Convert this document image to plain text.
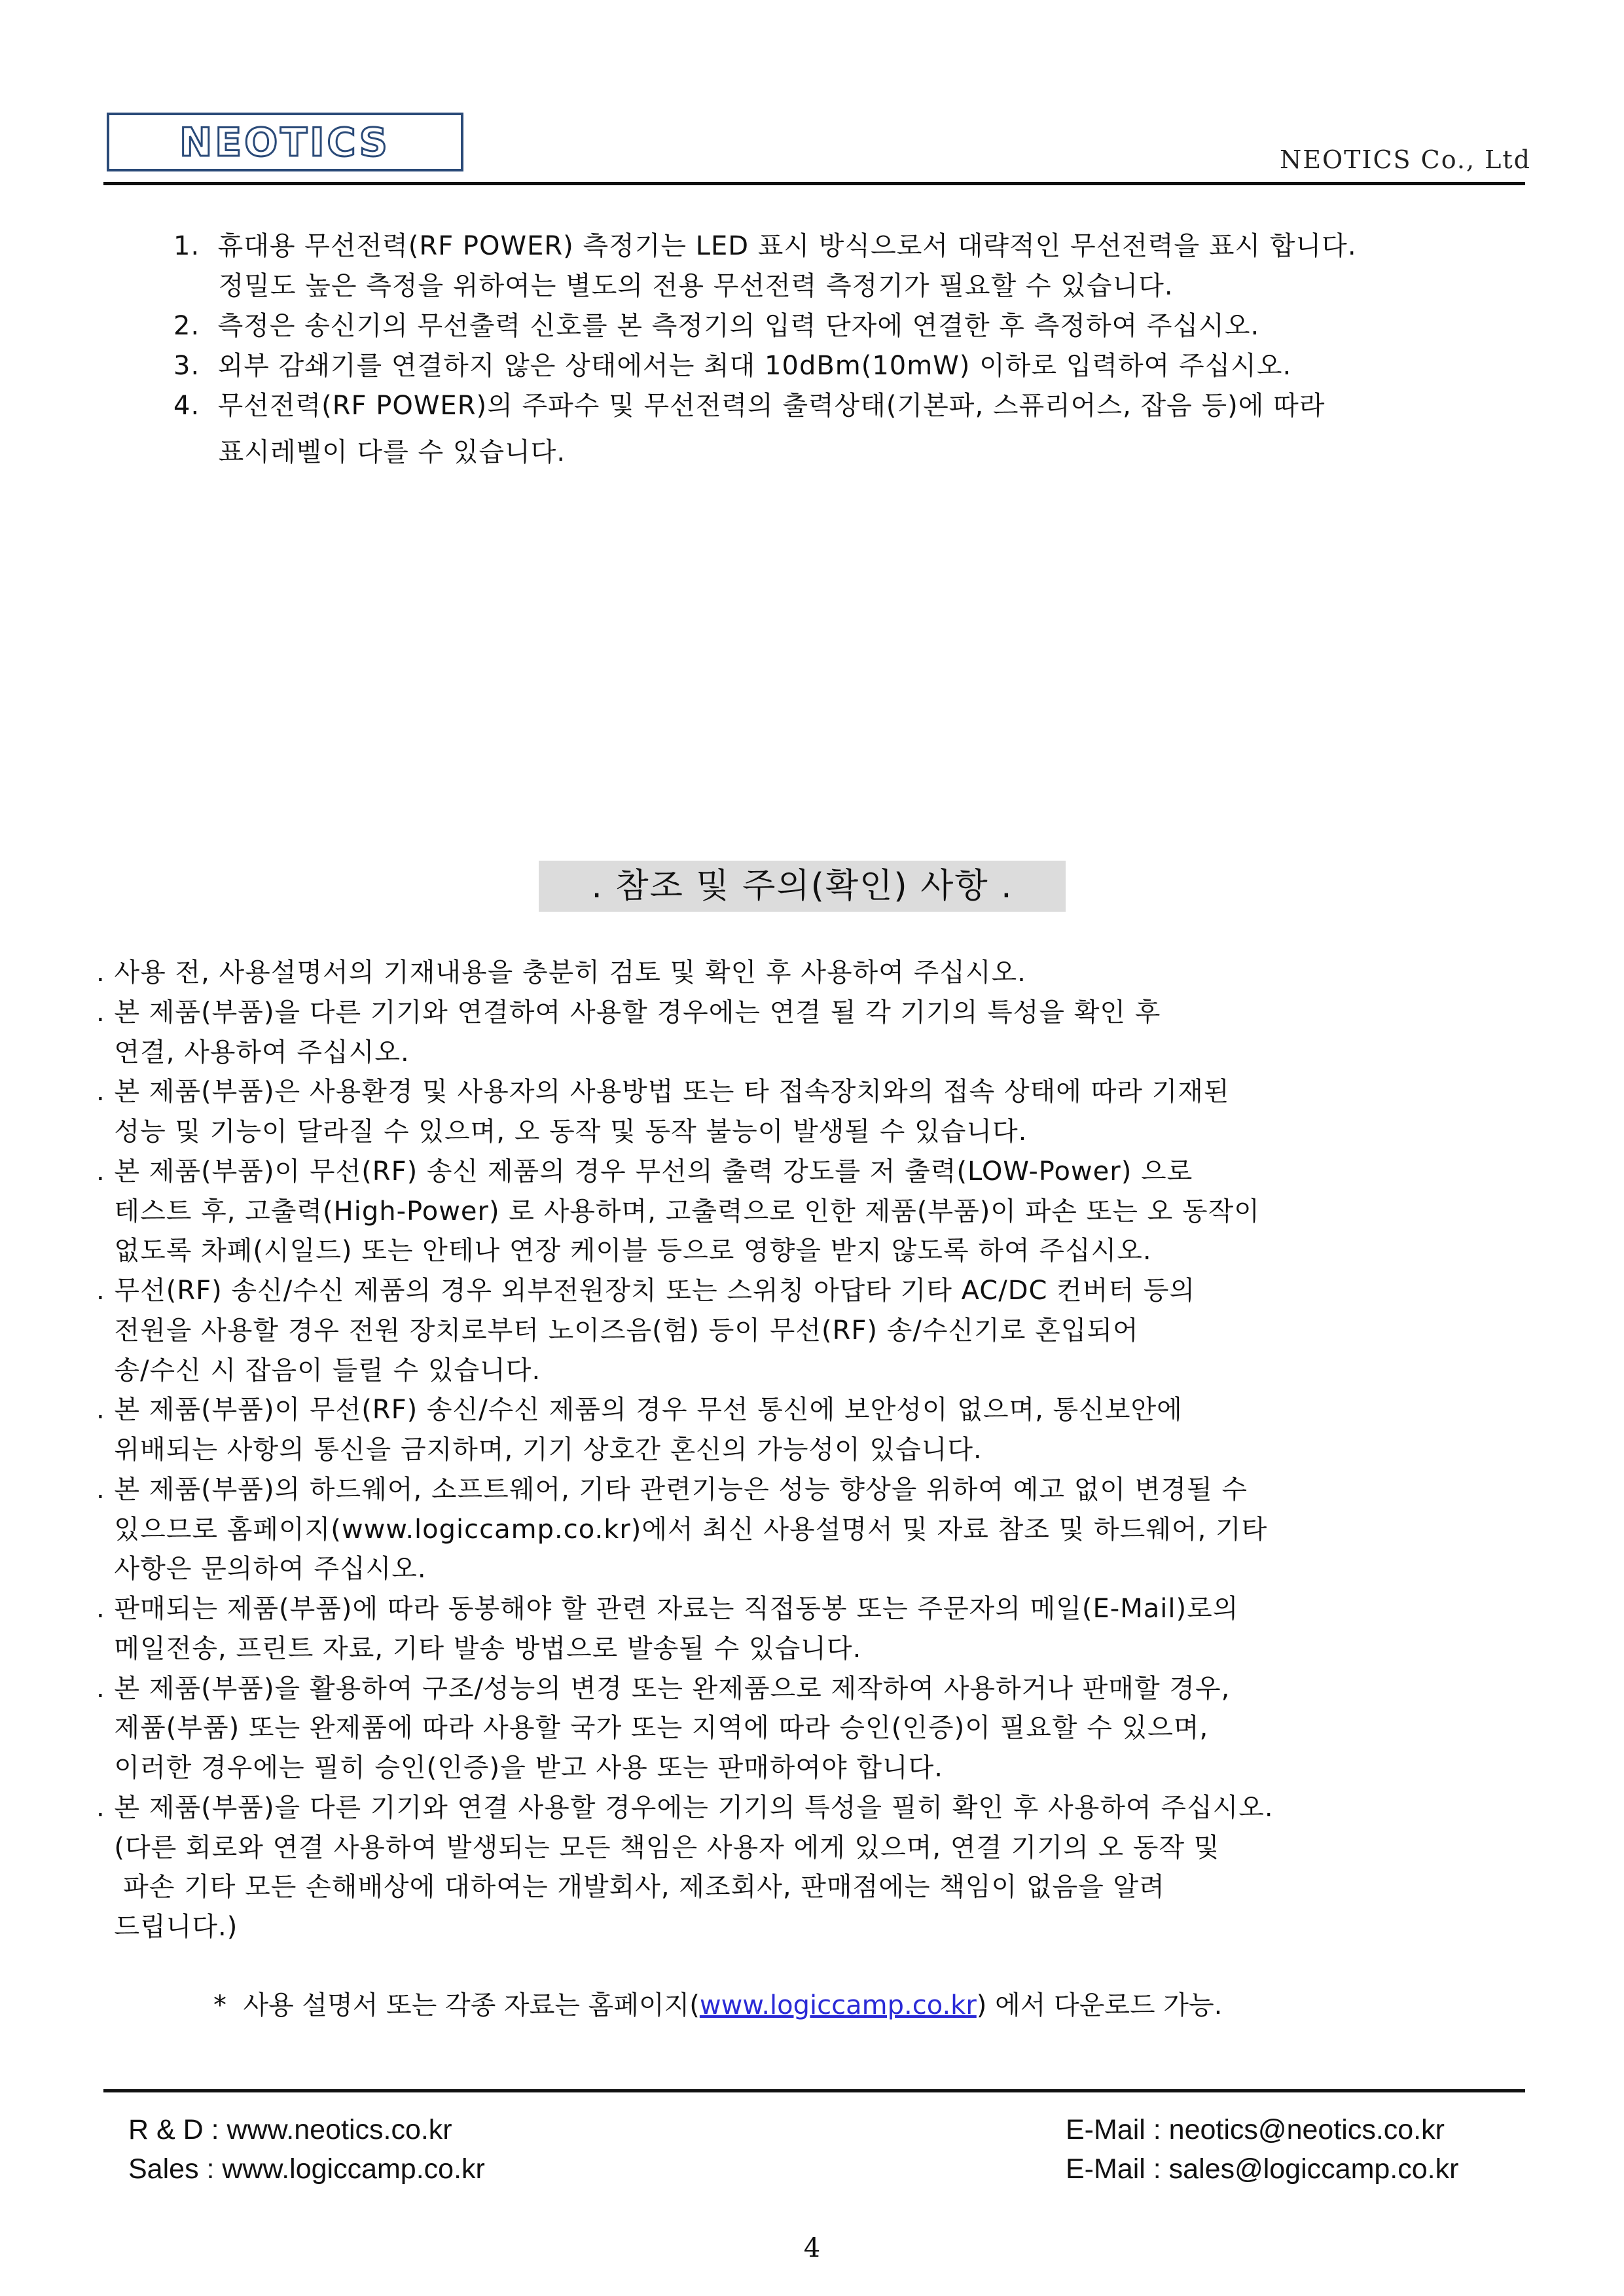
NEOTICS	NEOTICS Co., Ltd
1.  휴대용 무선전력(RF POWER) 측정기는 LED 표시 방식으로서 대략적인 무선전력을 표시 합니다.
정밀도 높은 측정을 위하여는 별도의 전용 무선전력 측정기가 필요할 수 있습니다.
2.  측정은 송신기의 무선출력 신호를 본 측정기의 입력 단자에 연결한 후 측정하여 주십시오.
3.  외부 감쇄기를 연결하지 않은 상태에서는 최대 10dBm(10mW) 이하로 입력하여 주십시오.
4.  무선전력(RF POWER)의 주파수 및 무선전력의 출력상태(기본파, 스퓨리어스, 잡음 등)에 따라
표시레벨이 다를 수 있습니다.
. 참조 및 주의(확인) 사항 .
. 사용 전, 사용설명서의 기재내용을 충분히 검토 및 확인 후 사용하여 주십시오.
. 본 제품(부품)을 다른 기기와 연결하여 사용할 경우에는 연결 될 각 기기의 특성을 확인 후
연결, 사용하여 주십시오.
. 본 제품(부품)은 사용환경 및 사용자의 사용방법 또는 타 접속장치와의 접속 상태에 따라 기재된
성능 및 기능이 달라질 수 있으며, 오 동작 및 동작 불능이 발생될 수 있습니다.
. 본 제품(부품)이 무선(RF) 송신 제품의 경우 무선의 출력 강도를 저 출력(LOW-Power) 으로
테스트 후, 고출력(High-Power) 로 사용하며, 고출력으로 인한 제품(부품)이 파손 또는 오 동작이
없도록 차폐(시일드) 또는 안테나 연장 케이블 등으로 영향을 받지 않도록 하여 주십시오.
. 무선(RF) 송신/수신 제품의 경우 외부전원장치 또는 스위칭 아답타 기타 AC/DC 컨버터 등의
전원을 사용할 경우 전원 장치로부터 노이즈음(험) 등이 무선(RF) 송/수신기로 혼입되어
송/수신 시 잡음이 들릴 수 있습니다.
. 본 제품(부품)이 무선(RF) 송신/수신 제품의 경우 무선 통신에 보안성이 없으며, 통신보안에
위배되는 사항의 통신을 금지하며, 기기 상호간 혼신의 가능성이 있습니다.
. 본 제품(부품)의 하드웨어, 소프트웨어, 기타 관련기능은 성능 향상을 위하여 예고 없이 변경될 수
있으므로 홈페이지(www.logiccamp.co.kr)에서 최신 사용설명서 및 자료 참조 및 하드웨어, 기타
사항은 문의하여 주십시오.
. 판매되는 제품(부품)에 따라 동봉해야 할 관련 자료는 직접동봉 또는 주문자의 메일(E-Mail)로의
메일전송, 프린트 자료, 기타 발송 방법으로 발송될 수 있습니다.
. 본 제품(부품)을 활용하여 구조/성능의 변경 또는 완제품으로 제작하여 사용하거나 판매할 경우,
제품(부품) 또는 완제품에 따라 사용할 국가 또는 지역에 따라 승인(인증)이 필요할 수 있으며,
이러한 경우에는 필히 승인(인증)을 받고 사용 또는 판매하여야 합니다.
. 본 제품(부품)을 다른 기기와 연결 사용할 경우에는 기기의 특성을 필히 확인 후 사용하여 주십시오.
(다른 회로와 연결 사용하여 발생되는 모든 책임은 사용자 에게 있으며, 연결 기기의 오 동작 및
파손 기타 모든 손해배상에 대하여는 개발회사, 제조회사, 판매점에는 책임이 없음을 알려
드립니다.)
*  사용 설명서 또는 각종 자료는 홈페이지(www.logiccamp.co.kr) 에서 다운로드 가능.
R & D : www.neotics.co.kr
Sales : www.logiccamp.co.kr
E-Mail : neotics@neotics.co.kr
E-Mail : sales@logiccamp.co.kr
4
